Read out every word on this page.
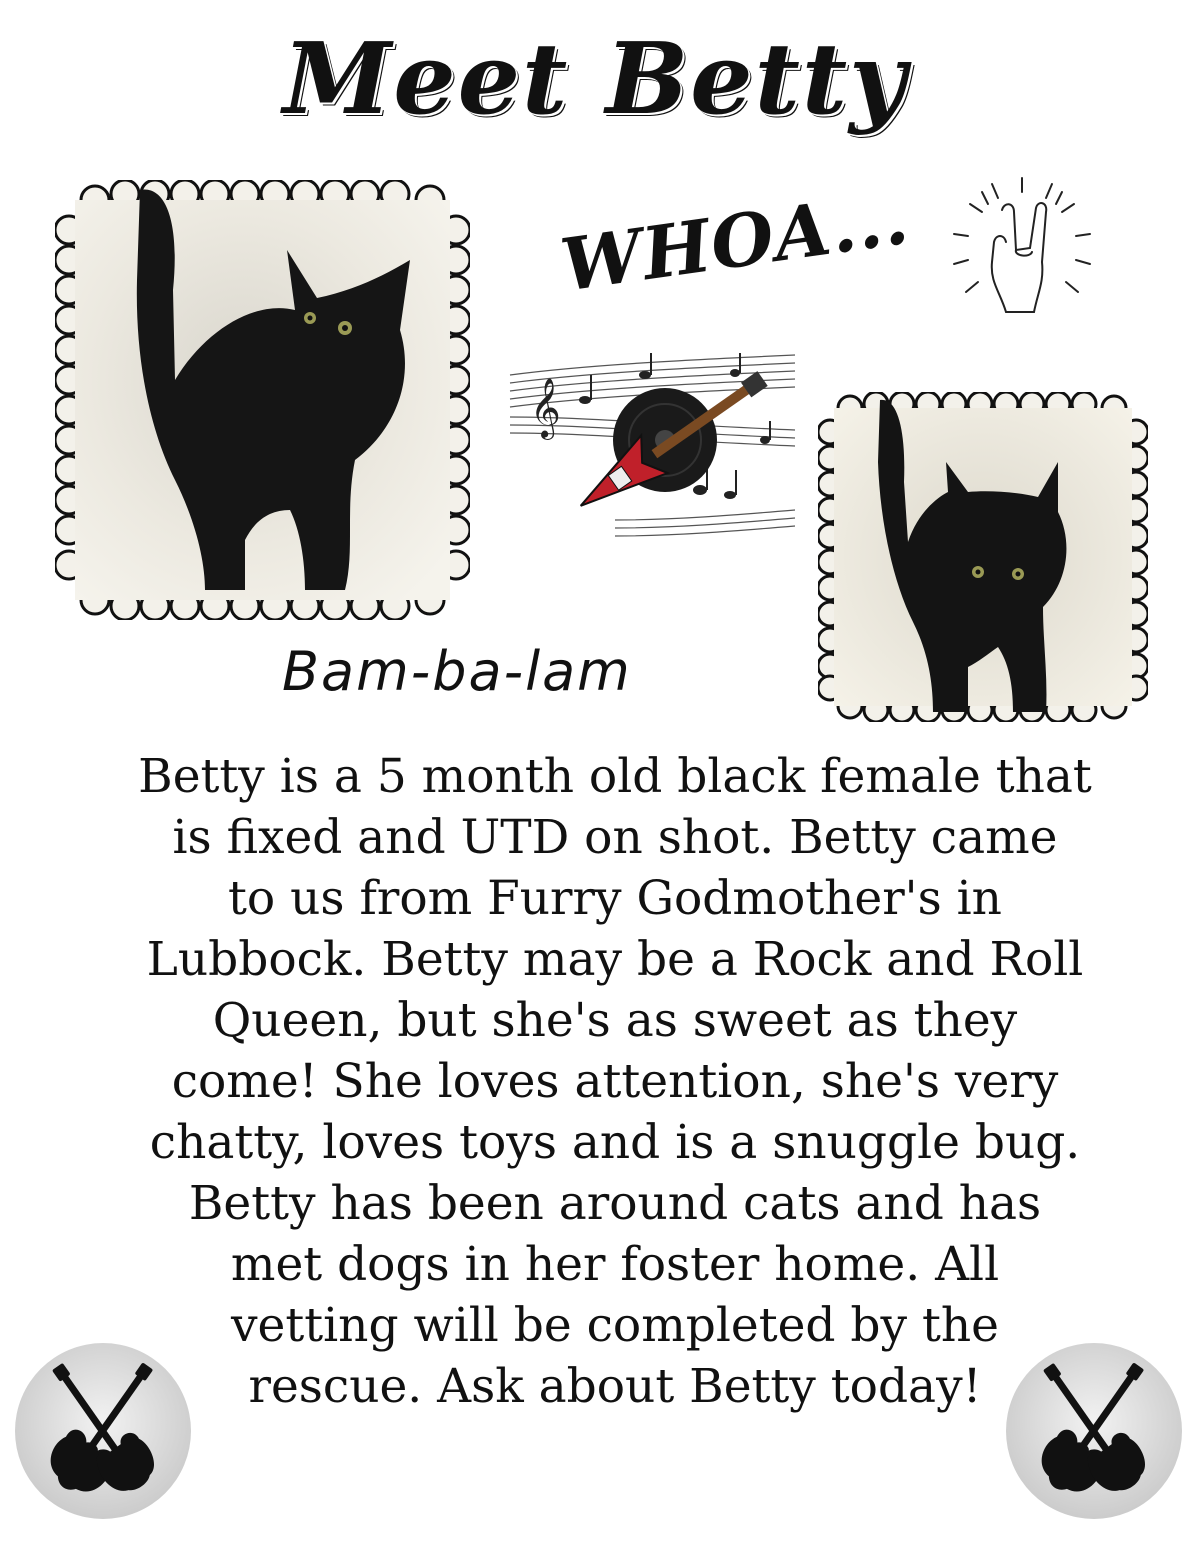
Meet Betty
WHOA...
𝄞
Bam-ba-lam
Betty is a 5 month old black female that
is fixed and UTD on shot. Betty came
to us from Furry Godmother's in
Lubbock. Betty may be a Rock and Roll
Queen, but she's as sweet as they
come! She loves attention, she's very
chatty, loves toys and is a snuggle bug.
Betty has been around cats and has
met dogs in her foster home. All
vetting will be completed by the
rescue. Ask about Betty today!
